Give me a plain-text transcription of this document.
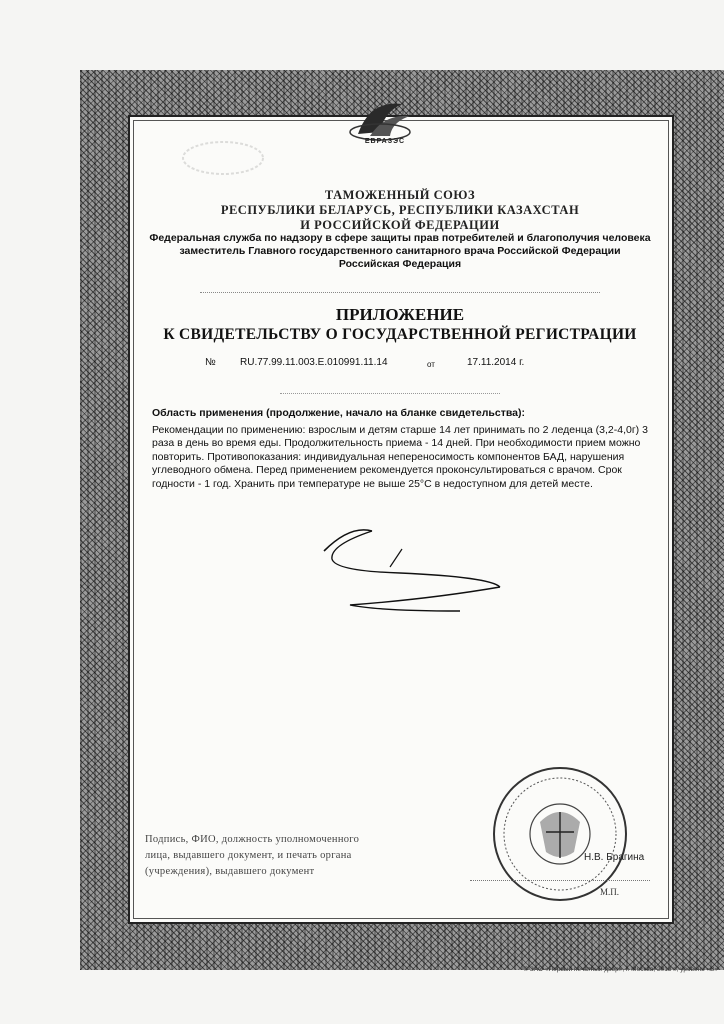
ЕВРАЗЭС
ТАМОЖЕННЫЙ СОЮЗ
РЕСПУБЛИКИ БЕЛАРУСЬ, РЕСПУБЛИКИ КАЗАХСТАН
И РОССИЙСКОЙ ФЕДЕРАЦИИ
Федеральная служба по надзору в сфере защиты прав потребителей и благополучия человека
заместитель Главного государственного санитарного врача Российской Федерации
Российская Федерация
ПРИЛОЖЕНИЕ
К СВИДЕТЕЛЬСТВУ О ГОСУДАРСТВЕННОЙ РЕГИСТРАЦИИ
№ RU.77.99.11.003.E.010991.11.14	от	17.11.2014 г.
Область применения (продолжение, начало на бланке свидетельства):
Рекомендации по применению: взрослым и детям старше 14 лет принимать по 2 леденца (3,2-4,0г) 3 раза в день во время еды. Продолжительность приема - 14 дней. При необходимости прием можно повторить. Противопоказания: индивидуальная непереносимость компонентов БАД, нарушения углеводного обмена. Перед применением рекомендуется проконсультироваться с врачом. Срок годности - 1 год. Хранить при температуре не выше 25°С в недоступном для детей месте.
Подпись, ФИО, должность уполномоченного
лица, выдавшего документ, и печать органа
(учреждения), выдавшего документ
Н.В. Брагина
М.П.
© ЗАО «Первый печатный двор», г. Москва, 2013 г., уровень «В»
